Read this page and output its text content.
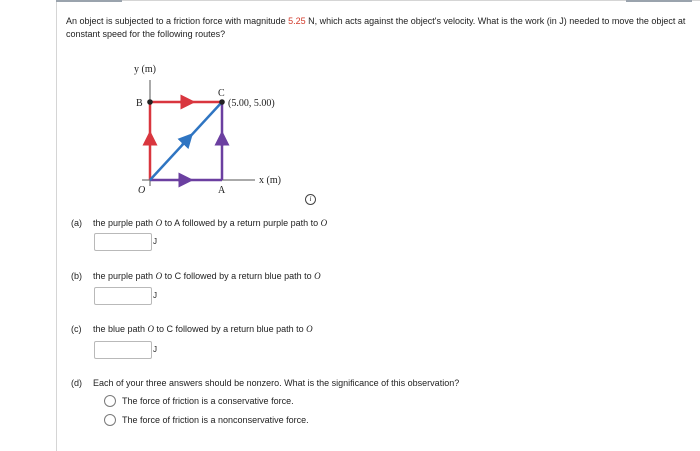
An object is subjected to a friction force with magnitude 5.25 N, which acts against the object's velocity. What is the work (in J) needed to move the object at constant speed for the following routes?
y (m)
x (m)
B
C
(5.00, 5.00)
O	A
i
(a) the purple path O to A followed by a return purple path to O
J
(b) the purple path O to C followed by a return blue path to O
J
(c) the blue path O to C followed by a return blue path to O
J
(d) Each of your three answers should be nonzero. What is the significance of this observation?
The force of friction is a conservative force.
The force of friction is a nonconservative force.
